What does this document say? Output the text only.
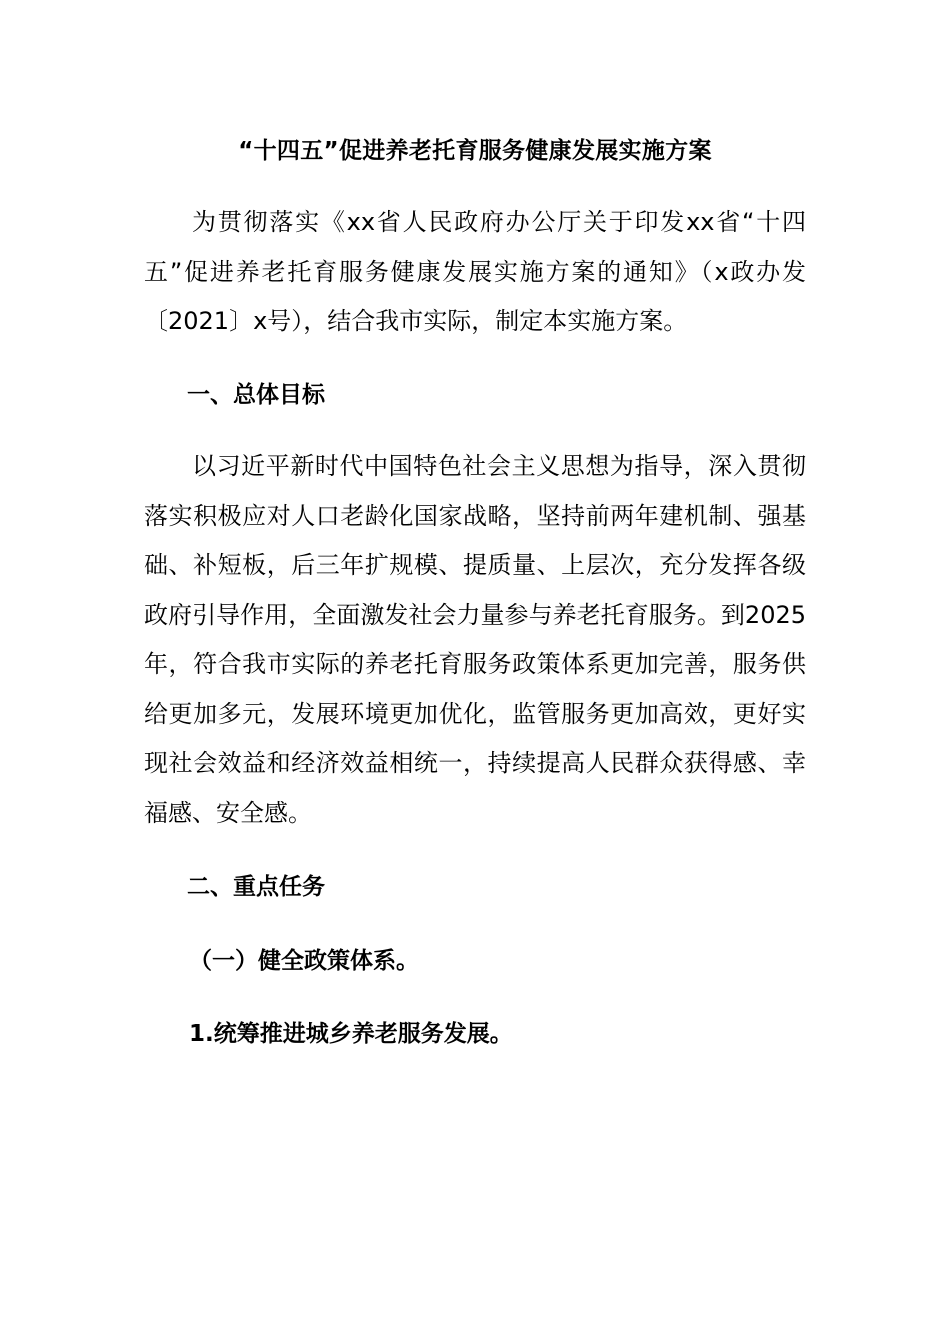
“十四五”促进养老托育服务健康发展实施方案

为贯彻落实《xx省人民政府办公厅关于印发xx省“十四五”促进养老托育服务健康发展实施方案的通知》（x政办发〔2021〕x号），结合我市实际，制定本实施方案。

一、总体目标

以习近平新时代中国特色社会主义思想为指导，深入贯彻落实积极应对人口老龄化国家战略，坚持前两年建机制、强基础、补短板，后三年扩规模、提质量、上层次，充分发挥各级政府引导作用，全面激发社会力量参与养老托育服务。到2025年，符合我市实际的养老托育服务政策体系更加完善，服务供给更加多元，发展环境更加优化，监管服务更加高效，更好实现社会效益和经济效益相统一，持续提高人民群众获得感、幸福感、安全感。

二、重点任务
（一）健全政策体系。
1.统筹推进城乡养老服务发展。
